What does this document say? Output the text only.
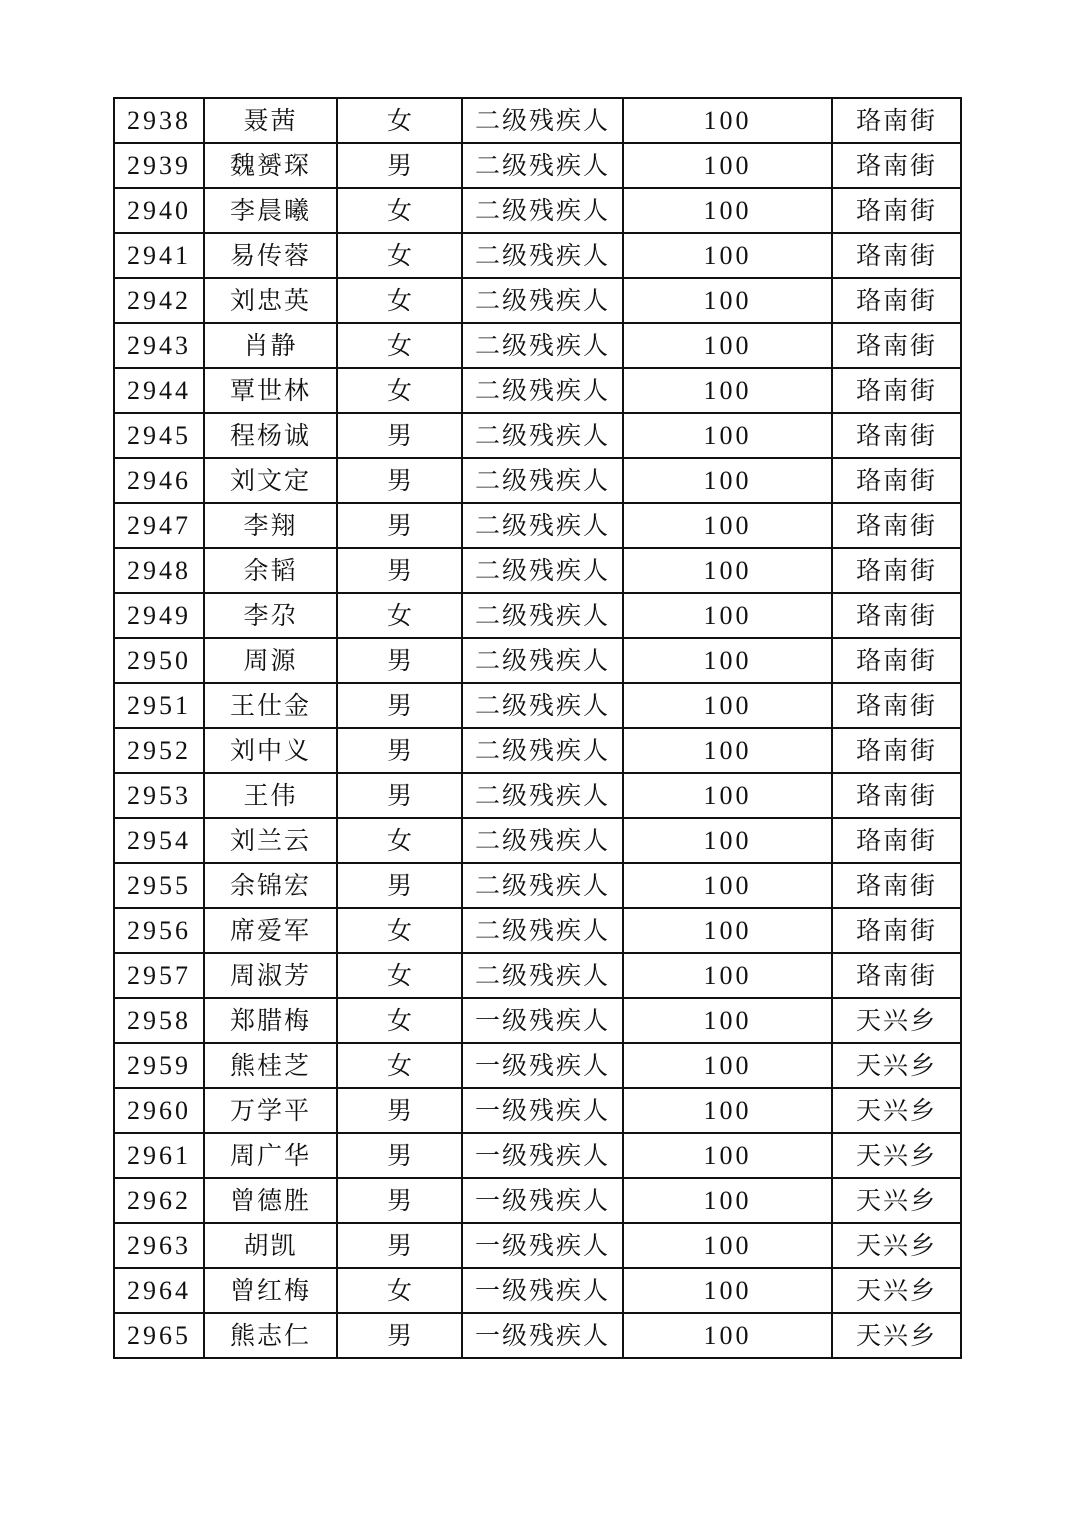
2938	聂茜	女	二级残疾人	100	珞南街
2939	魏赟琛	男	二级残疾人	100	珞南街
2940	李晨曦	女	二级残疾人	100	珞南街
2941	易传蓉	女	二级残疾人	100	珞南街
2942	刘忠英	女	二级残疾人	100	珞南街
2943	肖静	女	二级残疾人	100	珞南街
2944	覃世林	女	二级残疾人	100	珞南街
2945	程杨诚	男	二级残疾人	100	珞南街
2946	刘文定	男	二级残疾人	100	珞南街
2947	李翔	男	二级残疾人	100	珞南街
2948	余韬	男	二级残疾人	100	珞南街
2949	李尕	女	二级残疾人	100	珞南街
2950	周源	男	二级残疾人	100	珞南街
2951	王仕金	男	二级残疾人	100	珞南街
2952	刘中义	男	二级残疾人	100	珞南街
2953	王伟	男	二级残疾人	100	珞南街
2954	刘兰云	女	二级残疾人	100	珞南街
2955	余锦宏	男	二级残疾人	100	珞南街
2956	席爱军	女	二级残疾人	100	珞南街
2957	周淑芳	女	二级残疾人	100	珞南街
2958	郑腊梅	女	一级残疾人	100	天兴乡
2959	熊桂芝	女	一级残疾人	100	天兴乡
2960	万学平	男	一级残疾人	100	天兴乡
2961	周广华	男	一级残疾人	100	天兴乡
2962	曾德胜	男	一级残疾人	100	天兴乡
2963	胡凯	男	一级残疾人	100	天兴乡
2964	曾红梅	女	一级残疾人	100	天兴乡
2965	熊志仁	男	一级残疾人	100	天兴乡
